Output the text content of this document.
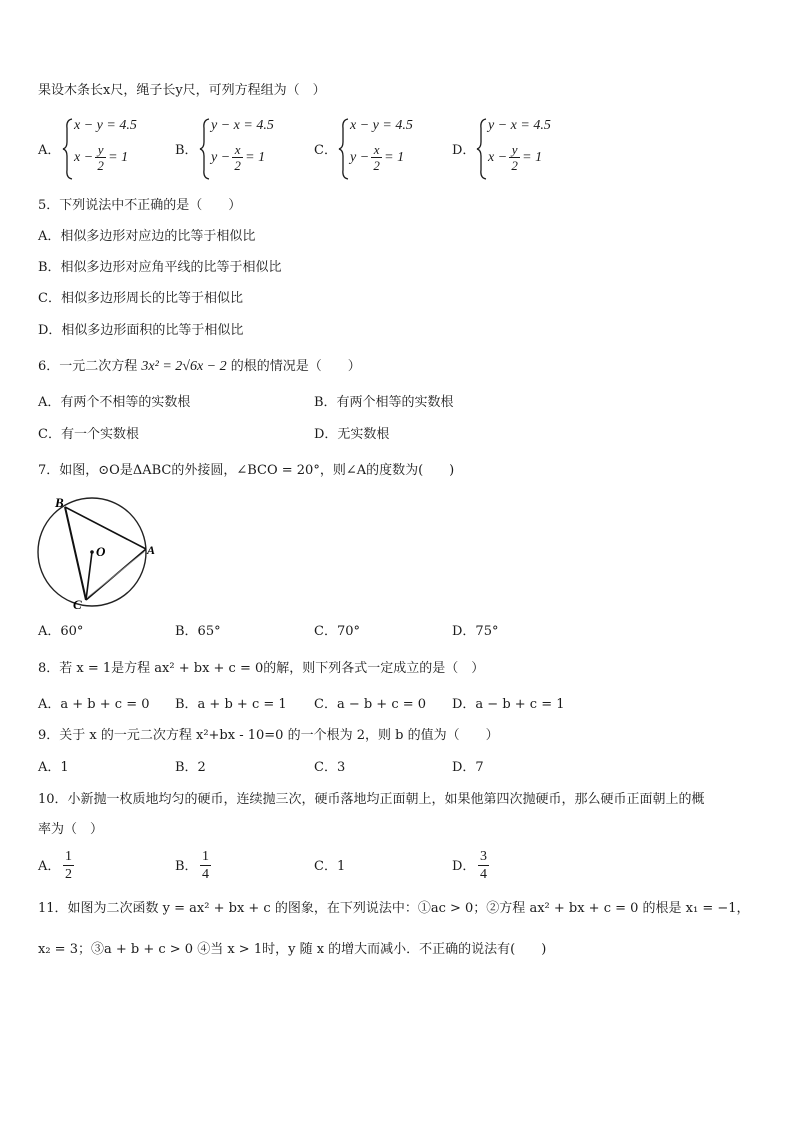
果设木条长x尺，绳子长y尺，可列方程组为（　）
A．
x − y = 4.5
$x - \frac{y}{2} = 1$	B．
y − x = 4.5
$y - \frac{x}{2} = 1$	C．
x − y = 4.5
$y - \frac{x}{2} = 1$	D．
y − x = 4.5
$x - \frac{y}{2} = 1$
5．下列说法中不正确的是（　　）
A．相似多边形对应边的比等于相似比
B．相似多边形对应角平线的比等于相似比
C．相似多边形周长的比等于相似比
D．相似多边形面积的比等于相似比
6．一元二次方程 3x² = 2√6x − 2 的根的情况是（　　）
A．有两个不相等的实数根	B．有两个相等的实数根
C．有一个实数根	D．无实数根
7．如图，⊙O是ΔABC的外接圆，∠BCO = 20°，则∠A的度数为(　　)
B
O	A
C
A．60°	B．65°	C．70°	D．75°
8．若 x = 1是方程 ax² + bx + c = 0的解，则下列各式一定成立的是（　）
A．a + b + c = 0 B．a + b + c = 1 C．a − b + c = 0 D．a − b + c = 1
9．关于 x 的一元二次方程 x²+bx - 10=0 的一个根为 2，则 b 的值为（　　）
A．1	B．2	C．3	D．7
10．小新抛一枚质地均匀的硬币，连续抛三次，硬币落地均正面朝上，如果他第四次抛硬币，那么硬币正面朝上的概
率为（　）
A．
1
2
B．
1
4
C．1	D．
3
4
11．如图为二次函数 y = ax² + bx + c 的图象，在下列说法中：①ac > 0；②方程 ax² + bx + c = 0 的根是 x₁ = −1，
x₂ = 3；③a + b + c > 0 ④当 x > 1时，y 随 x 的增大而减小．不正确的说法有(　　)
